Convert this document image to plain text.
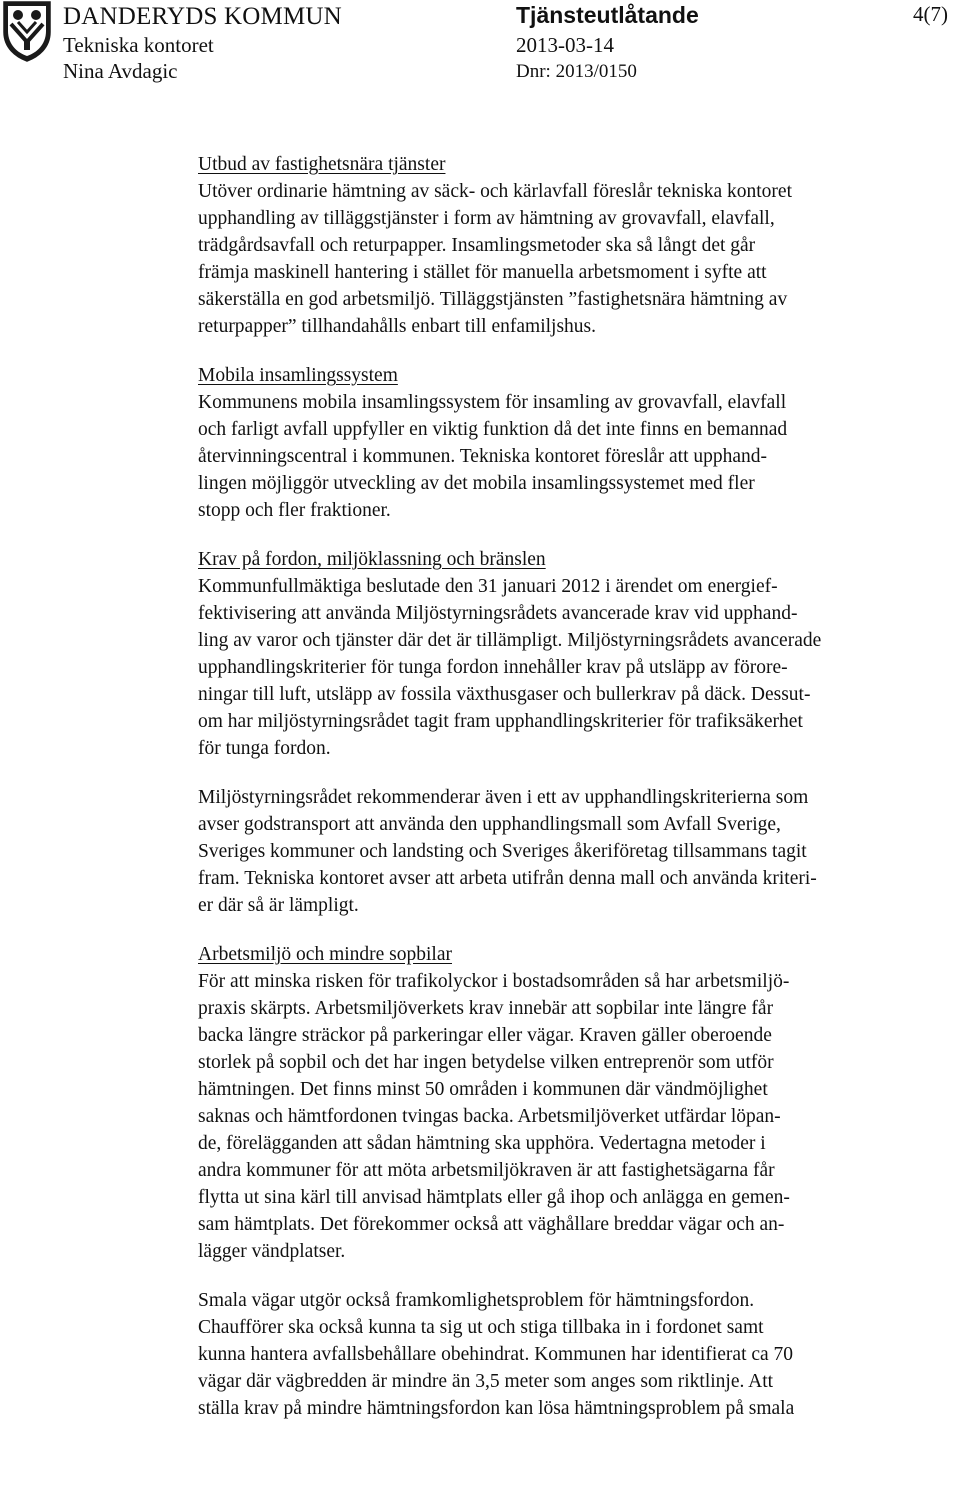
DANDERYDS KOMMUN
Tekniska kontoret
Nina Avdagic
Tjänsteutlåtande
2013-03-14
Dnr: 2013/0150
4(7)
Utbud av fastighetsnära tjänster
Utöver ordinarie hämtning av säck- och kärlavfall föreslår tekniska kontoret
upphandling av tilläggstjänster i form av hämtning av grovavfall, elavfall,
trädgårdsavfall och returpapper. Insamlingsmetoder ska så långt det går
främja maskinell hantering i stället för manuella arbetsmoment i syfte att
säkerställa en god arbetsmiljö. Tilläggstjänsten ”fastighetsnära hämtning av
returpapper” tillhandahålls enbart till enfamiljshus.
Mobila insamlingssystem
Kommunens mobila insamlingssystem för insamling av grovavfall, elavfall
och farligt avfall uppfyller en viktig funktion då det inte finns en bemannad
återvinningscentral i kommunen. Tekniska kontoret föreslår att upphand-
lingen möjliggör utveckling av det mobila insamlingssystemet med fler
stopp och fler fraktioner.
Krav på fordon, miljöklassning och bränslen
Kommunfullmäktiga beslutade den 31 januari 2012 i ärendet om energief-
fektivisering att använda Miljöstyrningsrådets avancerade krav vid upphand-
ling av varor och tjänster där det är tillämpligt. Miljöstyrningsrådets avancerade
upphandlingskriterier för tunga fordon innehåller krav på utsläpp av förore-
ningar till luft, utsläpp av fossila växthusgaser och bullerkrav på däck. Dessut-
om har miljöstyrningsrådet tagit fram upphandlingskriterier för trafiksäkerhet
för tunga fordon.
Miljöstyrningsrådet rekommenderar även i ett av upphandlingskriterierna som
avser godstransport att använda den upphandlingsmall som Avfall Sverige,
Sveriges kommuner och landsting och Sveriges åkeriföretag tillsammans tagit
fram. Tekniska kontoret avser att arbeta utifrån denna mall och använda kriteri-
er där så är lämpligt.
Arbetsmiljö och mindre sopbilar
För att minska risken för trafikolyckor i bostadsområden så har arbetsmiljö-
praxis skärpts. Arbetsmiljöverkets krav innebär att sopbilar inte längre får
backa längre sträckor på parkeringar eller vägar. Kraven gäller oberoende
storlek på sopbil och det har ingen betydelse vilken entreprenör som utför
hämtningen. Det finns minst 50 områden i kommunen där vändmöjlighet
saknas och hämtfordonen tvingas backa. Arbetsmiljöverket utfärdar löpan-
de, förelägganden att sådan hämtning ska upphöra. Vedertagna metoder i
andra kommuner för att möta arbetsmiljökraven är att fastighetsägarna får
flytta ut sina kärl till anvisad hämtplats eller gå ihop och anlägga en gemen-
sam hämtplats. Det förekommer också att väghållare breddar vägar och an-
lägger vändplatser.
Smala vägar utgör också framkomlighetsproblem för hämtningsfordon.
Chaufförer ska också kunna ta sig ut och stiga tillbaka in i fordonet samt
kunna hantera avfallsbehållare obehindrat. Kommunen har identifierat ca 70
vägar där vägbredden är mindre än 3,5 meter som anges som riktlinje. Att
ställa krav på mindre hämtningsfordon kan lösa hämtningsproblem på smala
